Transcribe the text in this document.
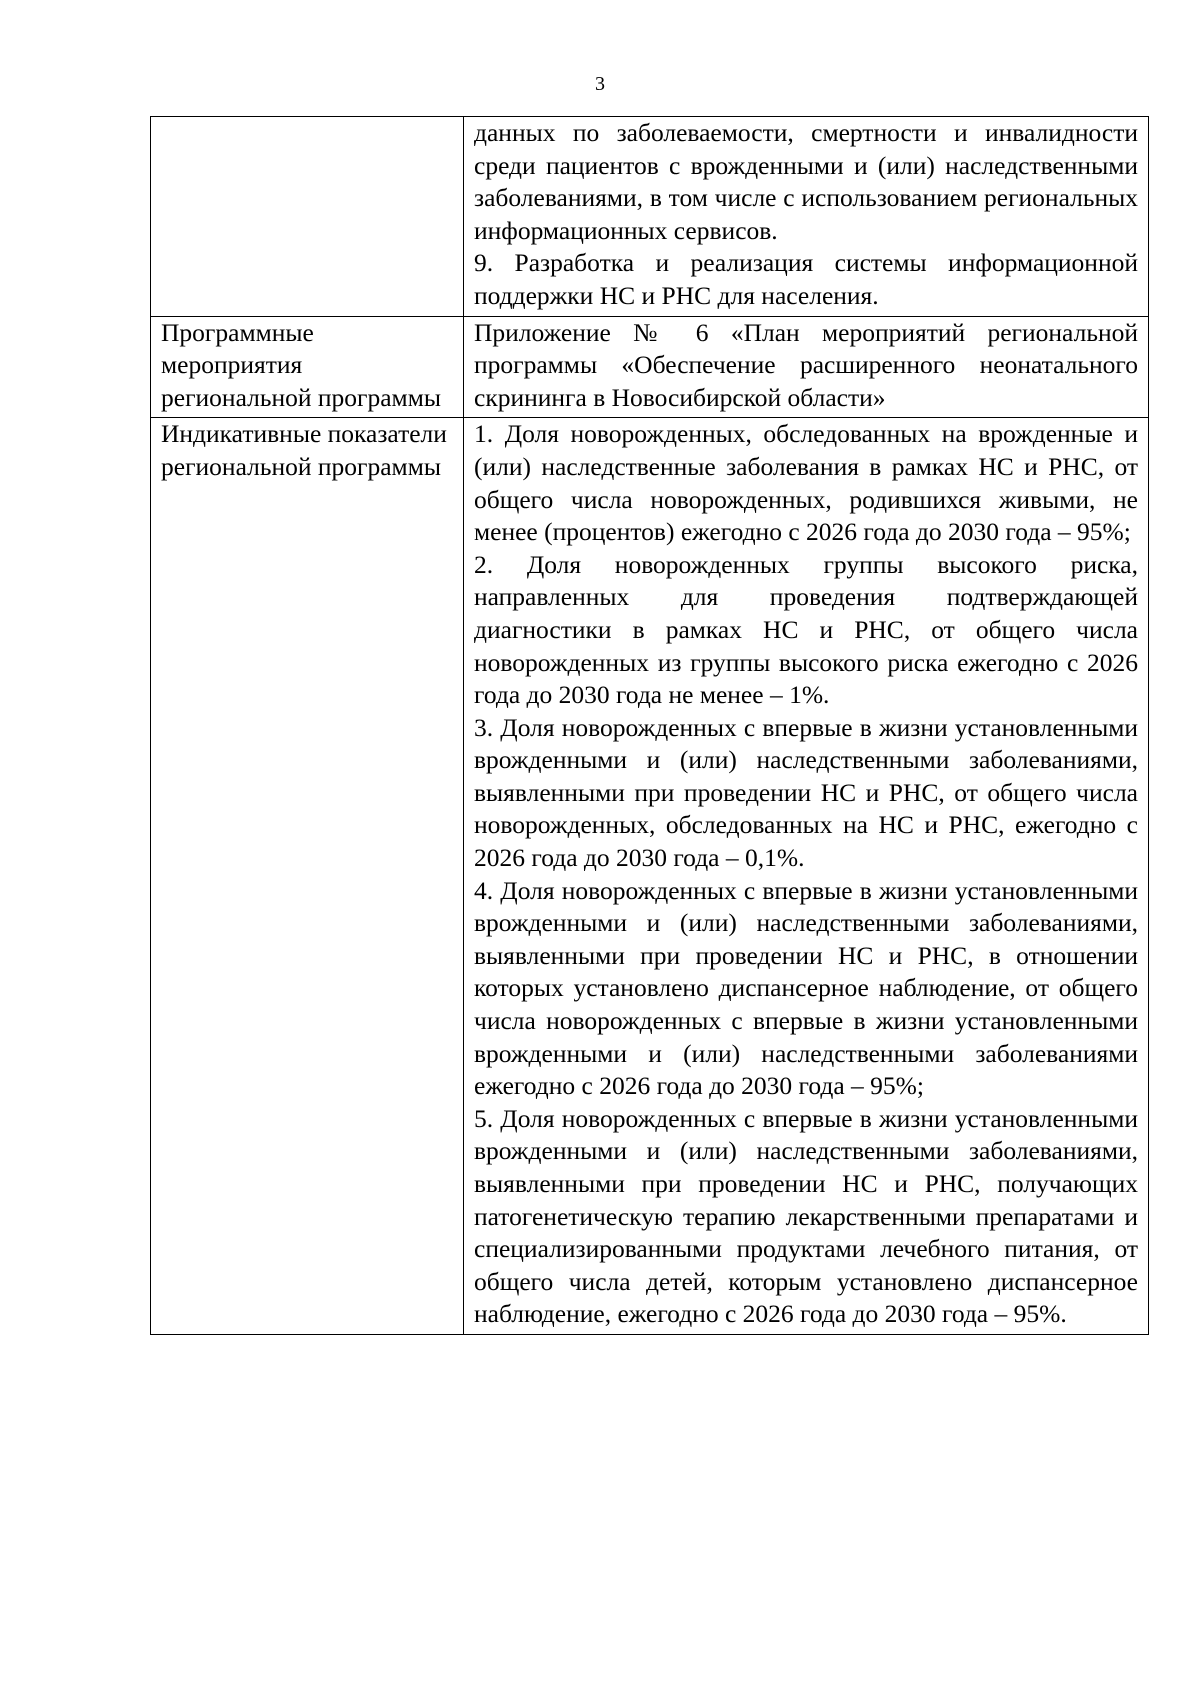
3

	данных по заболеваемости, смертности и инвалидности среди пациентов с врожденными и (или) наследственными заболеваниями, в том числе с использованием региональных информационных сервисов.
9. Разработка и реализация системы информационной поддержки НС и РНС для населения.

Программные мероприятия региональной программы	Приложение № 6 «План мероприятий региональной программы «Обеспечение расширенного неонатального скрининга в Новосибирской области»

Индикативные показатели региональной программы	1. Доля новорожденных, обследованных на врожденные и (или) наследственные заболевания в рамках НС и РНС, от общего числа новорожденных, родившихся живыми, не менее (процентов) ежегодно с 2026 года до 2030 года – 95%;
2. Доля новорожденных группы высокого риска, направленных для проведения подтверждающей диагностики в рамках НС и РНС, от общего числа новорожденных из группы высокого риска ежегодно с 2026 года до 2030 года не менее – 1%.
3. Доля новорожденных с впервые в жизни установленными врожденными и (или) наследственными заболеваниями, выявленными при проведении НС и РНС, от общего числа новорожденных, обследованных на НС и РНС, ежегодно с 2026 года до 2030 года – 0,1%.
4. Доля новорожденных с впервые в жизни установленными врожденными и (или) наследственными заболеваниями, выявленными при проведении НС и РНС, в отношении которых установлено диспансерное наблюдение, от общего числа новорожденных с впервые в жизни установленными врожденными и (или) наследственными заболеваниями ежегодно с 2026 года до 2030 года – 95%;
5. Доля новорожденных с впервые в жизни установленными врожденными и (или) наследственными заболеваниями, выявленными при проведении НС и РНС, получающих патогенетическую терапию лекарственными препаратами и специализированными продуктами лечебного питания, от общего числа детей, которым установлено диспансерное наблюдение, ежегодно с 2026 года до 2030 года – 95%.
